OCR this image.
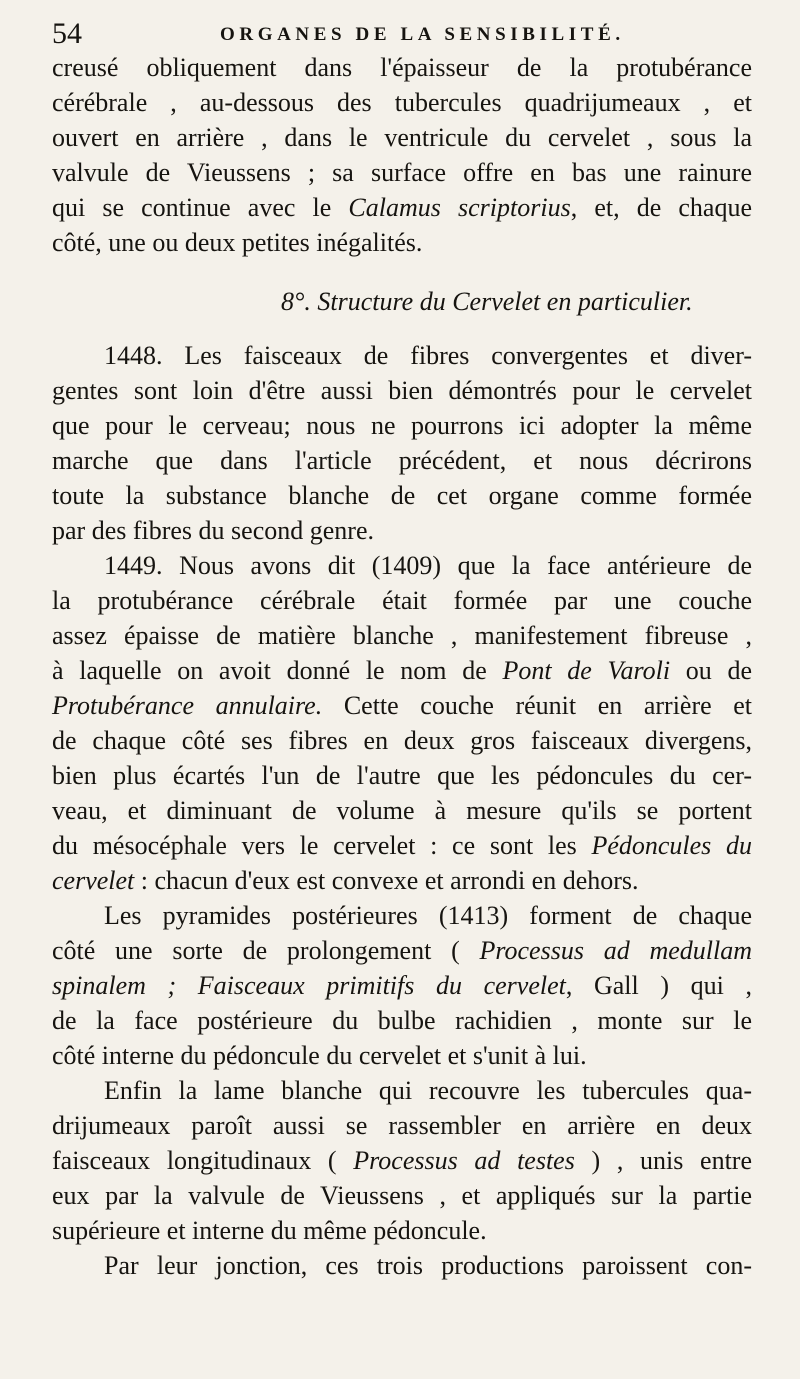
54	ORGANES DE LA SENSIBILITÉ.
creusé obliquement dans l'épaisseur de la protubérance
cérébrale , au-dessous des tubercules quadrijumeaux , et
ouvert en arrière , dans le ventricule du cervelet , sous la
valvule de Vieussens ; sa surface offre en bas une rainure
qui se continue avec le Calamus scriptorius, et, de chaque
côté, une ou deux petites inégalités.
8°. Structure du Cervelet en particulier.
1448. Les faisceaux de fibres convergentes et diver-
gentes sont loin d'être aussi bien démontrés pour le cervelet
que pour le cerveau; nous ne pourrons ici adopter la même
marche que dans l'article précédent, et nous décrirons
toute la substance blanche de cet organe comme formée
par des fibres du second genre.
1449. Nous avons dit (1409) que la face antérieure de
la protubérance cérébrale était formée par une couche
assez épaisse de matière blanche , manifestement fibreuse ,
à laquelle on avoit donné le nom de Pont de Varoli ou de
Protubérance annulaire. Cette couche réunit en arrière et
de chaque côté ses fibres en deux gros faisceaux divergens,
bien plus écartés l'un de l'autre que les pédoncules du cer-
veau, et diminuant de volume à mesure qu'ils se portent
du mésocéphale vers le cervelet : ce sont les Pédoncules du
cervelet : chacun d'eux est convexe et arrondi en dehors.
Les pyramides postérieures (1413) forment de chaque
côté une sorte de prolongement ( Processus ad medullam
spinalem ; Faisceaux primitifs du cervelet, Gall ) qui ,
de la face postérieure du bulbe rachidien , monte sur le
côté interne du pédoncule du cervelet et s'unit à lui.
Enfin la lame blanche qui recouvre les tubercules qua-
drijumeaux paroît aussi se rassembler en arrière en deux
faisceaux longitudinaux ( Processus ad testes ) , unis entre
eux par la valvule de Vieussens , et appliqués sur la partie
supérieure et interne du même pédoncule.
Par leur jonction, ces trois productions paroissent con-
